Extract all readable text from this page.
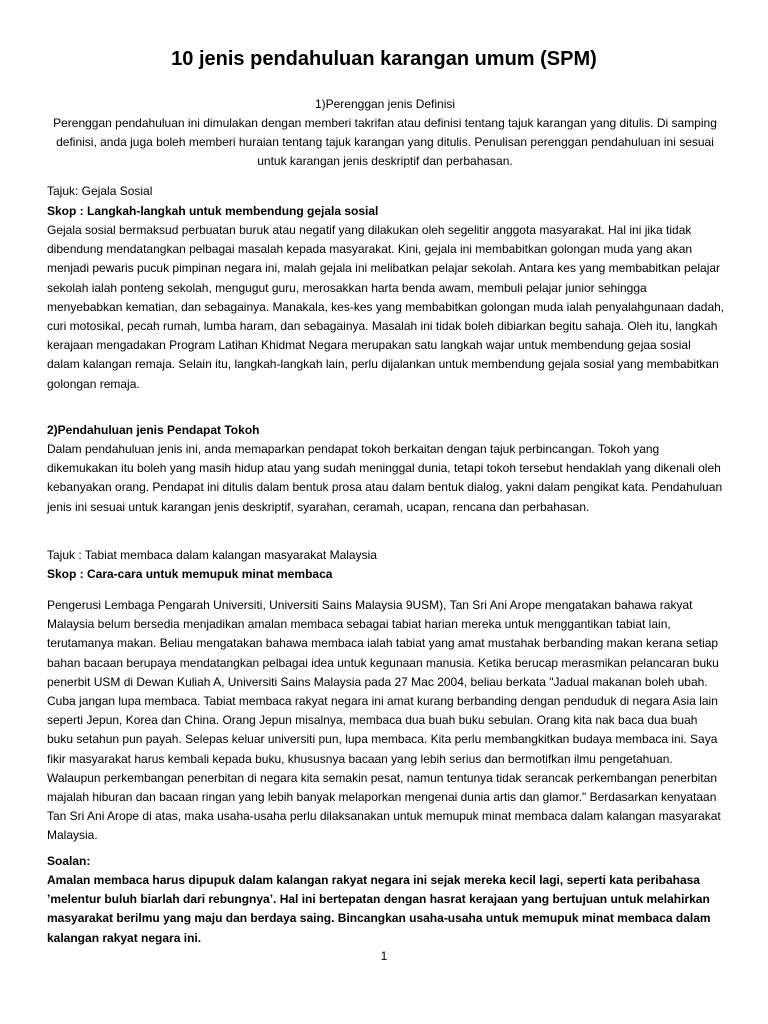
10 jenis pendahuluan karangan umum (SPM)
1)Perenggan jenis Definisi

Perenggan pendahuluan ini dimulakan dengan memberi takrifan atau definisi tentang tajuk karangan yang ditulis. Di samping definisi, anda juga boleh memberi huraian tentang tajuk karangan yang ditulis. Penulisan perenggan pendahuluan ini sesuai untuk karangan jenis deskriptif dan perbahasan.

Tajuk: Gejala Sosial
Skop : Langkah-langkah untuk membendung gejala sosial

Gejala sosial bermaksud perbuatan buruk atau negatif yang dilakukan oleh segelitir anggota masyarakat. Hal ini jika tidak dibendung mendatangkan pelbagai masalah kepada masyarakat. Kini, gejala ini membabitkan golongan muda yang akan menjadi pewaris pucuk pimpinan negara ini, malah gejala ini melibatkan pelajar sekolah. Antara kes yang membabitkan pelajar sekolah ialah ponteng sekolah, mengugut guru, merosakkan harta benda awam, membuli pelajar junior sehingga menyebabkan kematian, dan sebagainya. Manakala, kes-kes yang membabitkan golongan muda ialah penyalahgunaan dadah, curi motosikal, pecah rumah, lumba haram, dan sebagainya. Masalah ini tidak boleh dibiarkan begitu sahaja. Oleh itu, langkah kerajaan mengadakan Program Latihan Khidmat Negara merupakan satu langkah wajar untuk membendung gejaa sosial dalam kalangan remaja. Selain itu, langkah-langkah lain, perlu dijalankan untuk membendung gejala sosial yang membabitkan golongan remaja.

2)Pendahuluan jenis Pendapat Tokoh

Dalam pendahuluan jenis ini, anda memaparkan pendapat tokoh berkaitan dengan tajuk perbincangan. Tokoh yang dikemukakan itu boleh yang masih hidup atau yang sudah meninggal dunia, tetapi tokoh tersebut hendaklah yang dikenali oleh kebanyakan orang. Pendapat ini ditulis dalam bentuk prosa atau dalam bentuk dialog, yakni dalam pengikat kata. Pendahuluan jenis ini sesuai untuk karangan jenis deskriptif, syarahan, ceramah, ucapan, rencana dan perbahasan.

Tajuk : Tabiat membaca dalam kalangan masyarakat Malaysia
Skop : Cara-cara untuk memupuk minat membaca

Pengerusi Lembaga Pengarah Universiti, Universiti Sains Malaysia 9USM), Tan Sri Ani Arope mengatakan bahawa rakyat Malaysia belum bersedia menjadikan amalan membaca sebagai tabiat harian mereka untuk menggantikan tabiat lain, terutamanya makan. Beliau mengatakan bahawa membaca ialah tabiat yang amat mustahak berbanding makan kerana setiap bahan bacaan berupaya mendatangkan pelbagai idea untuk kegunaan manusia. Ketika berucap merasmikan pelancaran buku penerbit USM di Dewan Kuliah A, Universiti Sains Malaysia pada 27 Mac 2004, beliau berkata "Jadual makanan boleh ubah. Cuba jangan lupa membaca. Tabiat membaca rakyat negara ini amat kurang berbanding dengan penduduk di negara Asia lain seperti Jepun, Korea dan China. Orang Jepun misalnya, membaca dua buah buku sebulan. Orang kita nak baca dua buah buku setahun pun payah. Selepas keluar universiti pun, lupa membaca. Kita perlu membangkitkan budaya membaca ini. Saya fikir masyarakat harus kembali kepada buku, khususnya bacaan yang lebih serius dan bermotifkan ilmu pengetahuan. Walaupun perkembangan penerbitan di negara kita semakin pesat, namun tentunya tidak serancak perkembangan penerbitan majalah hiburan dan bacaan ringan yang lebih banyak melaporkan mengenai dunia artis dan glamor." Berdasarkan kenyataan Tan Sri Ani Arope di atas, maka usaha-usaha perlu dilaksanakan untuk memupuk minat membaca dalam kalangan masyarakat Malaysia.

Soalan:

Amalan membaca harus dipupuk dalam kalangan rakyat negara ini sejak mereka kecil lagi, seperti kata peribahasa ’melentur buluh biarlah dari rebungnya’. Hal ini bertepatan dengan hasrat kerajaan yang bertujuan untuk melahirkan masyarakat berilmu yang maju dan berdaya saing. Bincangkan usaha-usaha untuk memupuk minat membaca dalam kalangan rakyat negara ini.

1
